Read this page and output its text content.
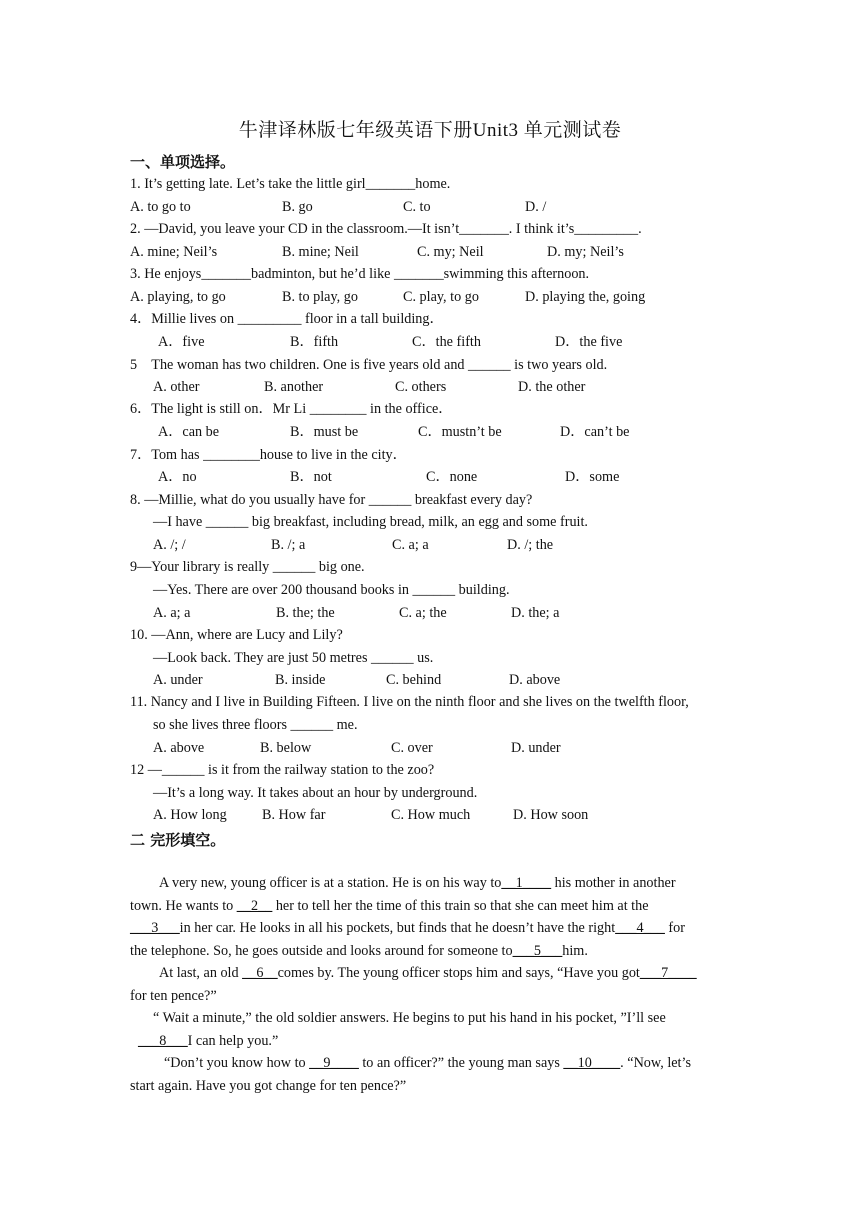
牛津译林版七年级英语下册Unit3 单元测试卷
一、单项选择。
1. It’s getting late. Let’s take the little girl_______home.
A. to go to	B. go	C. to	D. /
2. —David, you leave your CD in the classroom.—It isn’t_______. I think it’s_________.
A. mine; Neil’s	B. mine; Neil	C. my; Neil	D. my; Neil’s
3. He enjoys_______badminton, but he’d like _______swimming this afternoon.
A. playing, to go	B. to play, go	C. play, to go	D. playing the, going
4．Millie lives on _________ floor in a tall building．
A．five	B．fifth	C．the fifth	D．the five
5　The woman has two children. One is five years old and ______ is two years old.
A. other	B. another	C. others	D. the other
6．The light is still on．Mr Li ________ in the office．
A．can be	B．must be	C．mustn’t be	D．can’t be
7．Tom has ________house to live in the city．
A．no	B．not	C．none	D．some
8. —Millie, what do you usually have for ______ breakfast every day?
—I have ______ big breakfast, including bread, milk, an egg and some fruit.
A. /; /	B. /; a	C. a; a	D. /; the
9—Your library is really ______ big one.
—Yes. There are over 200 thousand books in ______ building.
A. a; a	B. the; the	C. a; the	D. the; a
10. —Ann, where are Lucy and Lily?
—Look back. They are just 50 metres ______ us.
A. under	B. inside	C. behind	D. above
11. Nancy and I live in Building Fifteen. I live on the ninth floor and she lives on the twelfth floor,
so she lives three floors ______ me.
A. above	B. below	C. over	D. under
12 —______ is it from the railway station to the zoo?
—It’s a long way. It takes about an hour by underground.
A. How long B. How far	C. How much	D. How soon
二 完形填空。
A very new, young officer is at a station. He is on his way to__1____ his mother in another
town. He wants to __2__ her to tell her the time of this train so that she can meet him at the
___3___in her car. He looks in all his pockets, but finds that he doesn’t have the right___4___ for
the telephone. So, he goes outside and looks around for someone to___5___him.
At last, an old __6__comes by. The young officer stops him and says, “Have you got___7____
for ten pence?”
“ Wait a minute,” the old soldier answers. He begins to put his hand in his pocket, ”I’ll see
___8___I can help you.”
“Don’t you know how to __9____ to an officer?” the young man says __10____. “Now, let’s
start again. Have you got change for ten pence?”
